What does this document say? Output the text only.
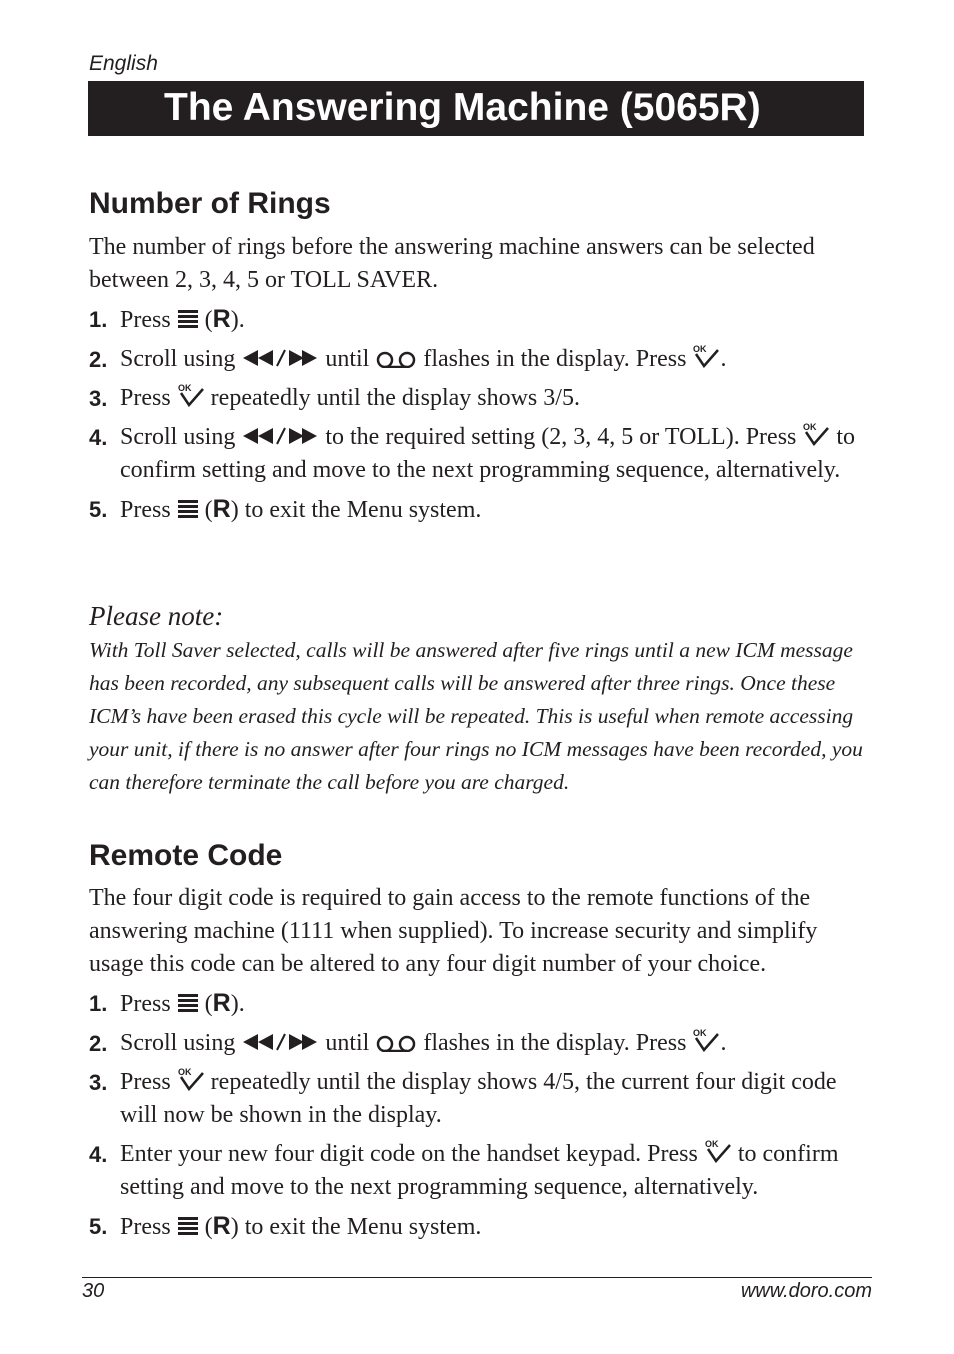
English
The Answering Machine (5065R)
Number of Rings

The number of rings before the answering machine answers can be selected between 2, 3, 4, 5 or TOLL SAVER.

1. Press (R).
2. Scroll using	until flashes in the display. Press OK .
3. Press OK repeatedly until the display shows 3/5.
4. Scroll using	to the required setting (2, 3, 4, 5 or TOLL). Press OK to confirm setting and move to the next programming sequence, alternatively.
5. Press (R) to exit the Menu system.
Please note:

With Toll Saver selected, calls will be answered after five rings until a new ICM message has been recorded, any subsequent calls will be answered after three rings. Once these ICM’s have been erased this cycle will be repeated. This is useful when remote accessing your unit, if there is no answer after four rings no ICM messages have been recorded, you can therefore terminate the call before you are charged.

Remote Code

The four digit code is required to gain access to the remote functions of the answering machine (1111 when supplied). To increase security and simplify usage this code can be altered to any four digit number of your choice.

1. Press (R).
2. Scroll using	until flashes in the display. Press OK .
3. Press OK repeatedly until the display shows 4/5, the current four digit code will now be shown in the display.
4. Enter your new four digit code on the handset keypad. Press OK to confirm setting and move to the next programming sequence, alternatively.
5. Press (R) to exit the Menu system.
30	www.doro.com
